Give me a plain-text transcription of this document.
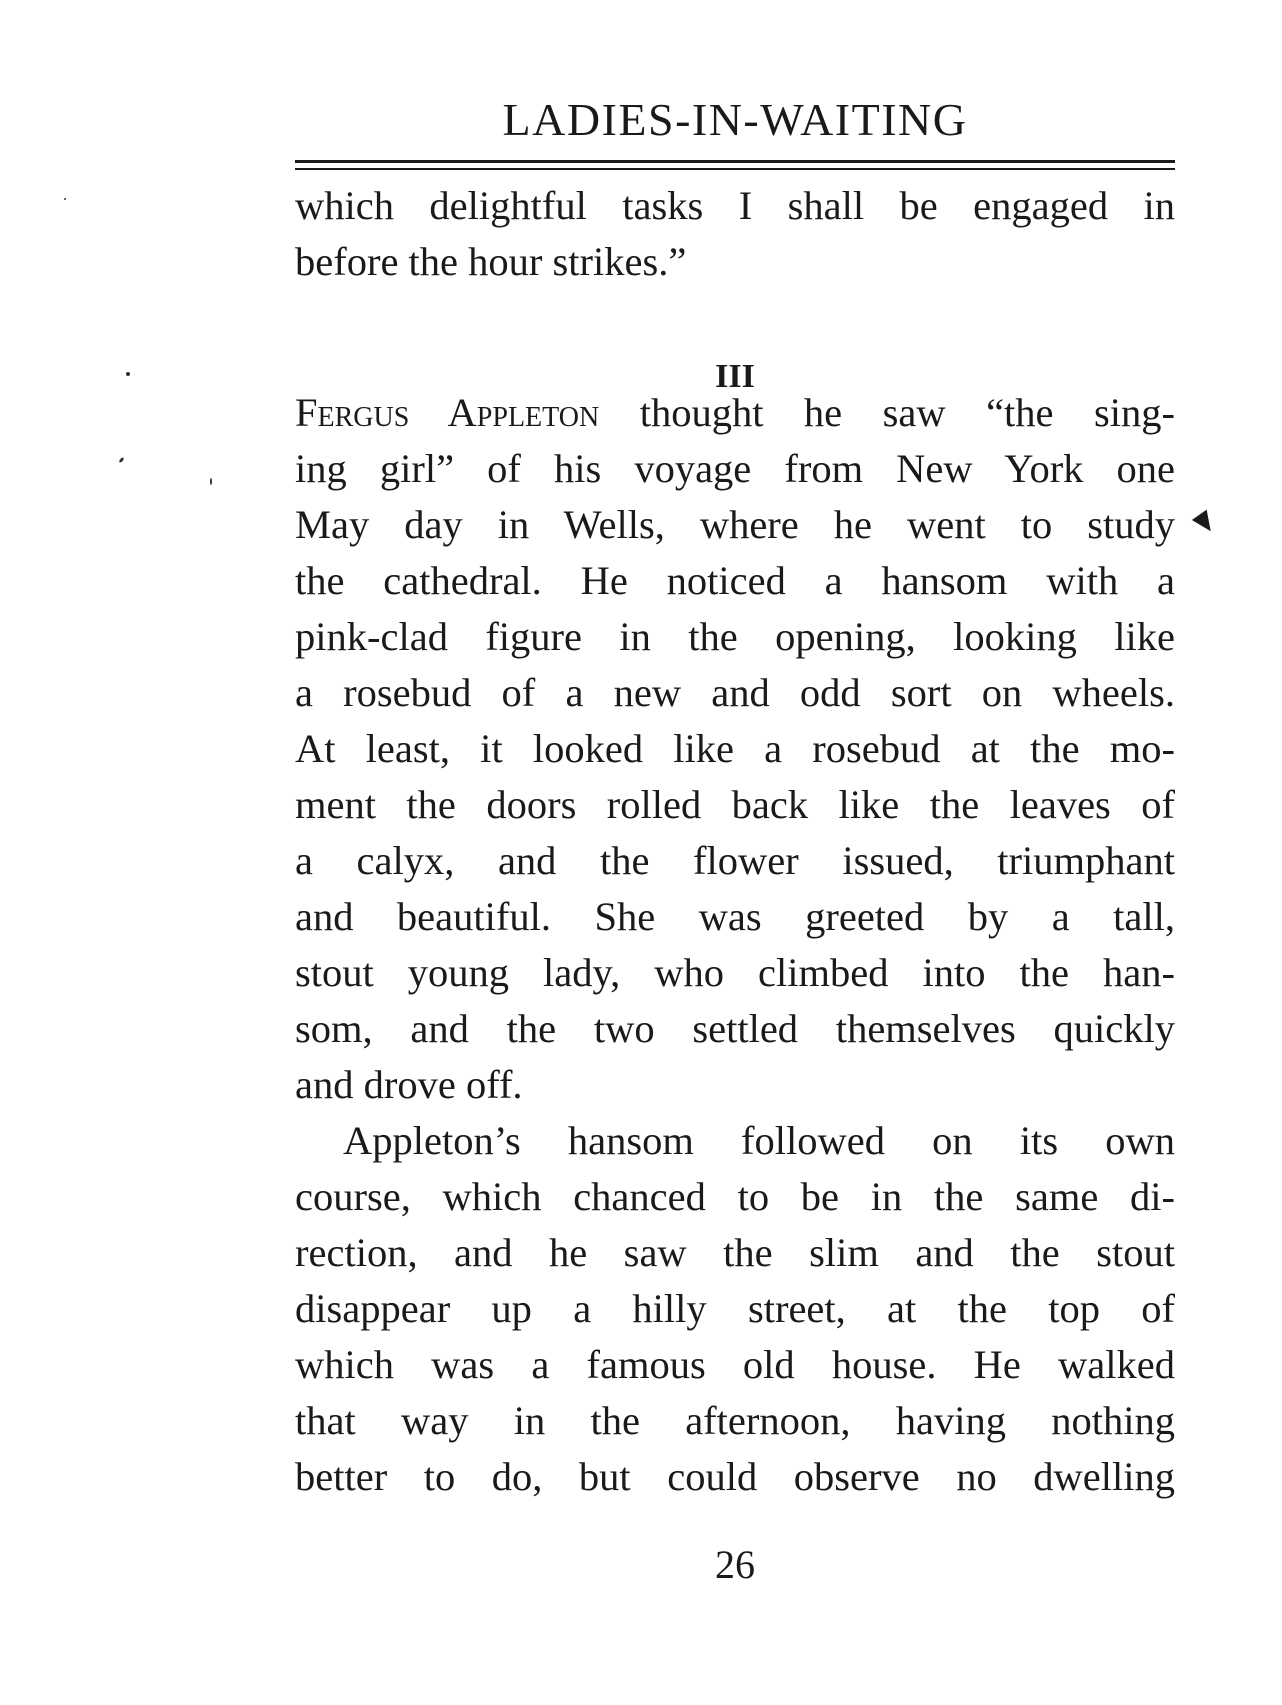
LADIES-IN-WAITING
which delightful tasks I shall be engaged in
before the hour strikes.”
III
Fergus Appleton thought he saw “the sing-
ing girl” of his voyage from New York one
May day in Wells, where he went to study
the cathedral. He noticed a hansom with a
pink-clad figure in the opening, looking like
a rosebud of a new and odd sort on wheels.
At least, it looked like a rosebud at the mo-
ment the doors rolled back like the leaves of
a calyx, and the flower issued, triumphant
and beautiful. She was greeted by a tall,
stout young lady, who climbed into the han-
som, and the two settled themselves quickly
and drove off.
Appleton’s hansom followed on its own
course, which chanced to be in the same di-
rection, and he saw the slim and the stout
disappear up a hilly street, at the top of
which was a famous old house. He walked
that way in the afternoon, having nothing
better to do, but could observe no dwelling
26
